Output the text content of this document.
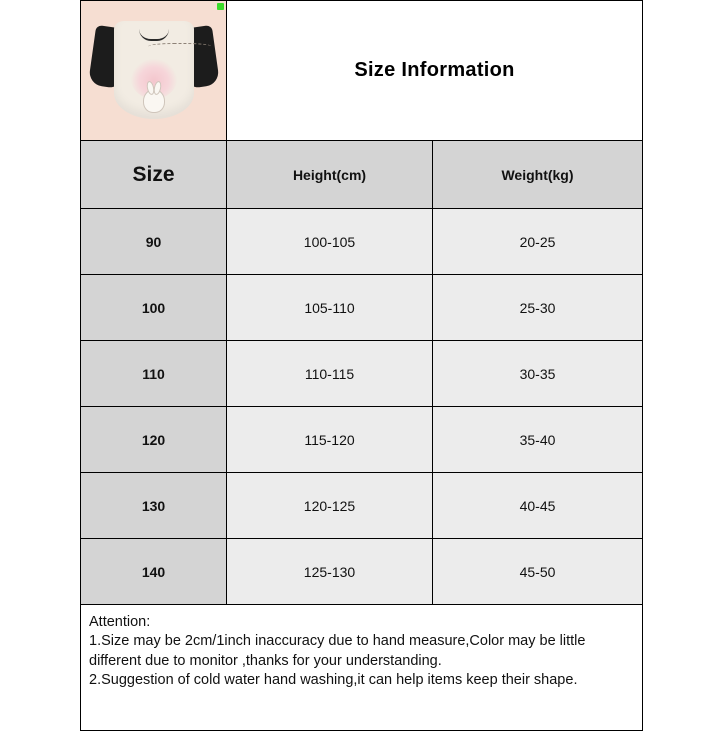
	Size Information	
Size	Height(cm)	Weight(kg)
90	100-105	20-25
100	105-110	25-30
110	110-115	30-35
120	115-120	35-40
130	120-125	40-45
140	125-130	45-50

Attention:
1.Size may be 2cm/1inch inaccuracy due to hand measure,Color may be little
different due to monitor ,thanks for your understanding.
2.Suggestion of cold water hand washing,it can help items keep their shape.		
